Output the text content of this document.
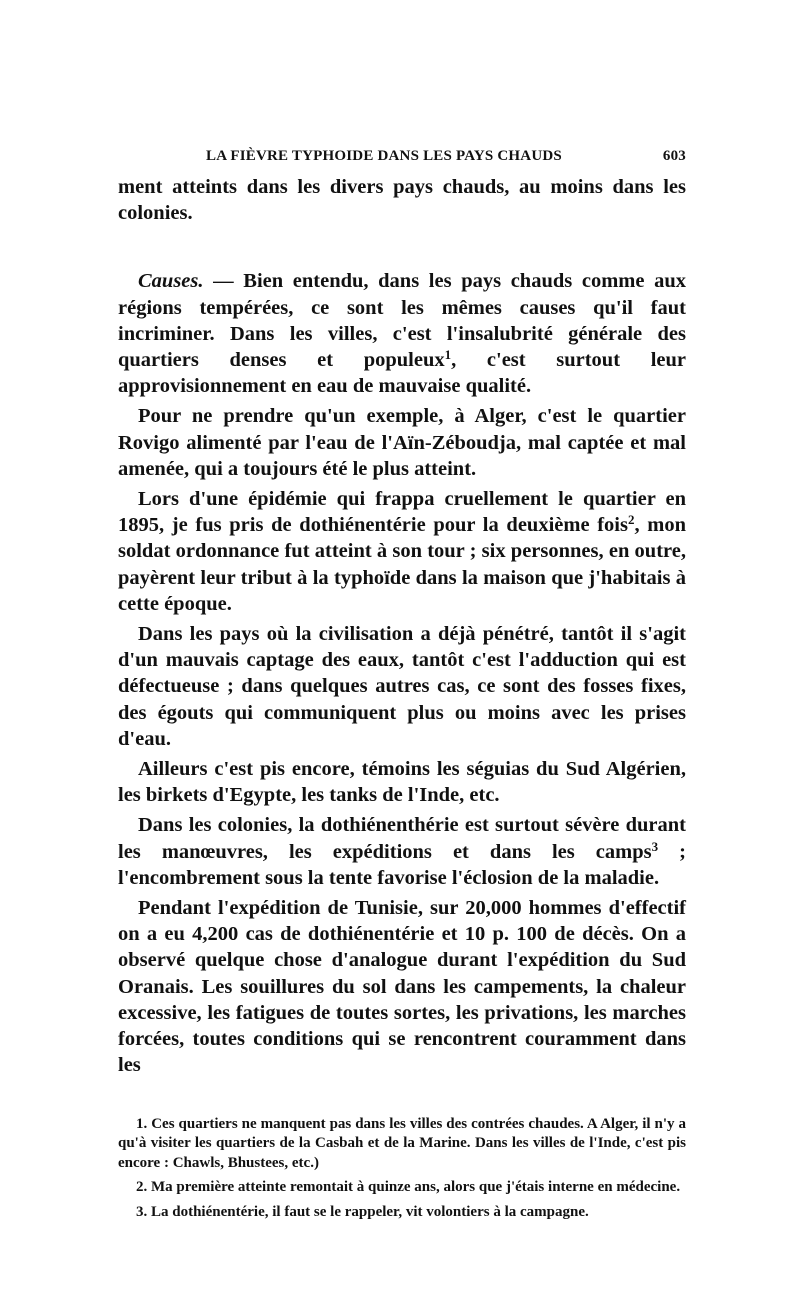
LA FIÈVRE TYPHOIDE DANS LES PAYS CHAUDS	603

ment atteints dans les divers pays chauds, au moins dans les colonies.

Causes. — Bien entendu, dans les pays chauds comme aux régions tempérées, ce sont les mêmes causes qu'il faut incriminer. Dans les villes, c'est l'insalubrité générale des quartiers denses et populeux$^1$, c'est surtout leur approvisionnement en eau de mauvaise qualité.

Pour ne prendre qu'un exemple, à Alger, c'est le quartier Rovigo alimenté par l'eau de l'Aïn-Zéboudja, mal captée et mal amenée, qui a toujours été le plus atteint.

Lors d'une épidémie qui frappa cruellement le quartier en 1895, je fus pris de dothiénentérie pour la deuxième fois$^2$, mon soldat ordonnance fut atteint à son tour ; six personnes, en outre, payèrent leur tribut à la typhoïde dans la maison que j'habitais à cette époque.

Dans les pays où la civilisation a déjà pénétré, tantôt il s'agit d'un mauvais captage des eaux, tantôt c'est l'adduction qui est défectueuse ; dans quelques autres cas, ce sont des fosses fixes, des égouts qui communiquent plus ou moins avec les prises d'eau.

Ailleurs c'est pis encore, témoins les séguias du Sud Algérien, les birkets d'Egypte, les tanks de l'Inde, etc.

Dans les colonies, la dothiénenthérie est surtout sévère durant les manœuvres, les expéditions et dans les camps$^3$ ; l'encombrement sous la tente favorise l'éclosion de la maladie.

Pendant l'expédition de Tunisie, sur 20,000 hommes d'effectif on a eu 4,200 cas de dothiénentérie et 10 p. 100 de décès. On a observé quelque chose d'analogue durant l'expédition du Sud Oranais. Les souillures du sol dans les campements, la chaleur excessive, les fatigues de toutes sortes, les privations, les marches forcées, toutes conditions qui se rencontrent couramment dans les

1. Ces quartiers ne manquent pas dans les villes des contrées chaudes. A Alger, il n'y a qu'à visiter les quartiers de la Casbah et de la Marine. Dans les villes de l'Inde, c'est pis encore : Chawls, Bhustees, etc.)

2. Ma première atteinte remontait à quinze ans, alors que j'étais interne en médecine.

3. La dothiénentérie, il faut se le rappeler, vit volontiers à la campagne.
